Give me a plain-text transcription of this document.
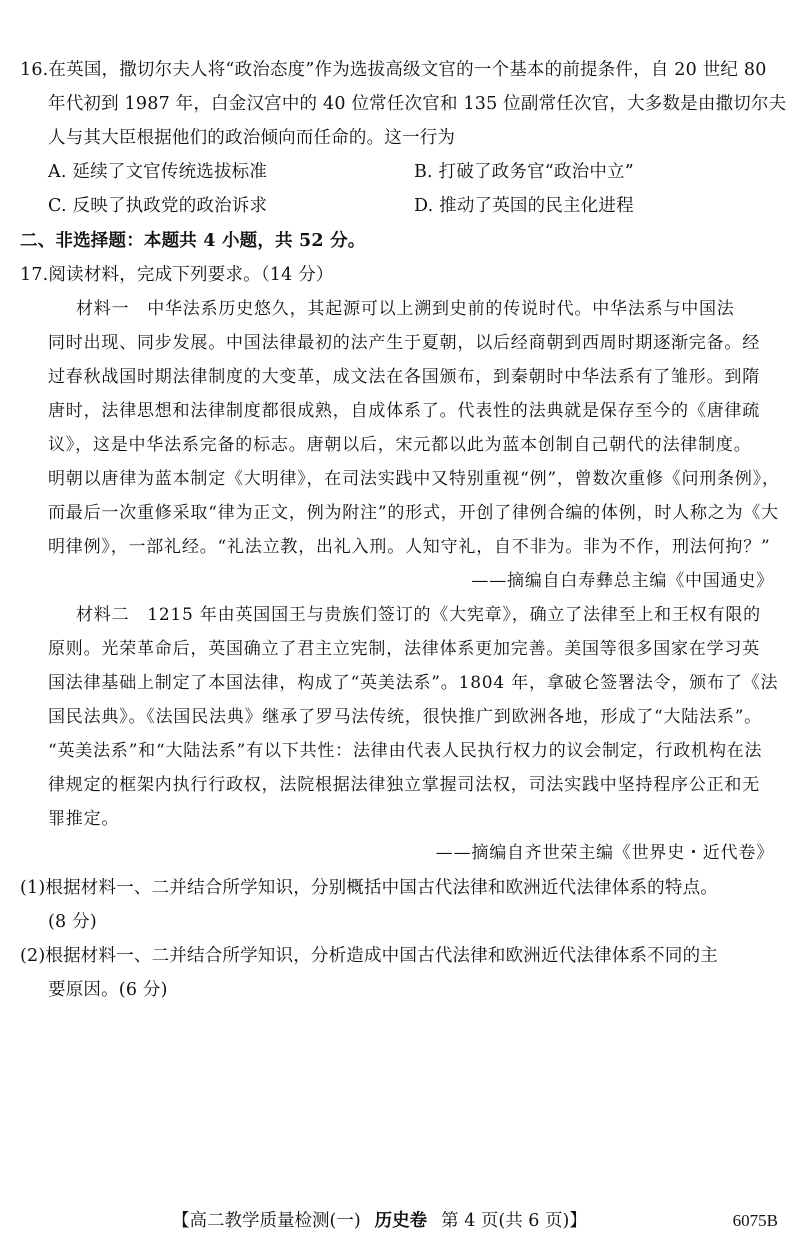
16.在英国，撒切尔夫人将“政治态度”作为选拔高级文官的一个基本的前提条件，自 20 世纪 80
年代初到 1987 年，白金汉宫中的 40 位常任次官和 135 位副常任次官，大多数是由撒切尔夫
人与其大臣根据他们的政治倾向而任命的。这一行为
A. 延续了文官传统选拔标准	B. 打破了政务官“政治中立”
C. 反映了执政党的政治诉求	D. 推动了英国的民主化进程
二、非选择题：本题共 4 小题，共 52 分。
17.阅读材料，完成下列要求。（14 分）
材料一　中华法系历史悠久，其起源可以上溯到史前的传说时代。中华法系与中国法
同时出现、同步发展。中国法律最初的法产生于夏朝，以后经商朝到西周时期逐渐完备。经
过春秋战国时期法律制度的大变革，成文法在各国颁布，到秦朝时中华法系有了雏形。到隋
唐时，法律思想和法律制度都很成熟，自成体系了。代表性的法典就是保存至今的《唐律疏
议》，这是中华法系完备的标志。唐朝以后，宋元都以此为蓝本创制自己朝代的法律制度。
明朝以唐律为蓝本制定《大明律》，在司法实践中又特别重视“例”，曾数次重修《问刑条例》，
而最后一次重修采取“律为正文，例为附注”的形式，开创了律例合编的体例，时人称之为《大
明律例》，一部礼经。“礼法立教，出礼入刑。人知守礼，自不非为。非为不作，刑法何拘？”
——摘编自白寿彝总主编《中国通史》
材料二　1215 年由英国国王与贵族们签订的《大宪章》，确立了法律至上和王权有限的
原则。光荣革命后，英国确立了君主立宪制，法律体系更加完善。美国等很多国家在学习英
国法律基础上制定了本国法律，构成了“英美法系”。1804 年，拿破仑签署法令，颁布了《法
国民法典》。《法国民法典》继承了罗马法传统，很快推广到欧洲各地，形成了“大陆法系”。
“英美法系”和“大陆法系”有以下共性：法律由代表人民执行权力的议会制定，行政机构在法
律规定的框架内执行行政权，法院根据法律独立掌握司法权，司法实践中坚持程序公正和无
罪推定。
——摘编自齐世荣主编《世界史・近代卷》
(1)根据材料一、二并结合所学知识，分别概括中国古代法律和欧洲近代法律体系的特点。
(8 分)
(2)根据材料一、二并结合所学知识，分析造成中国古代法律和欧洲近代法律体系不同的主
要原因。(6 分)
【高二教学质量检测(一) 历史卷 第 4 页(共 6 页)】	6075B
